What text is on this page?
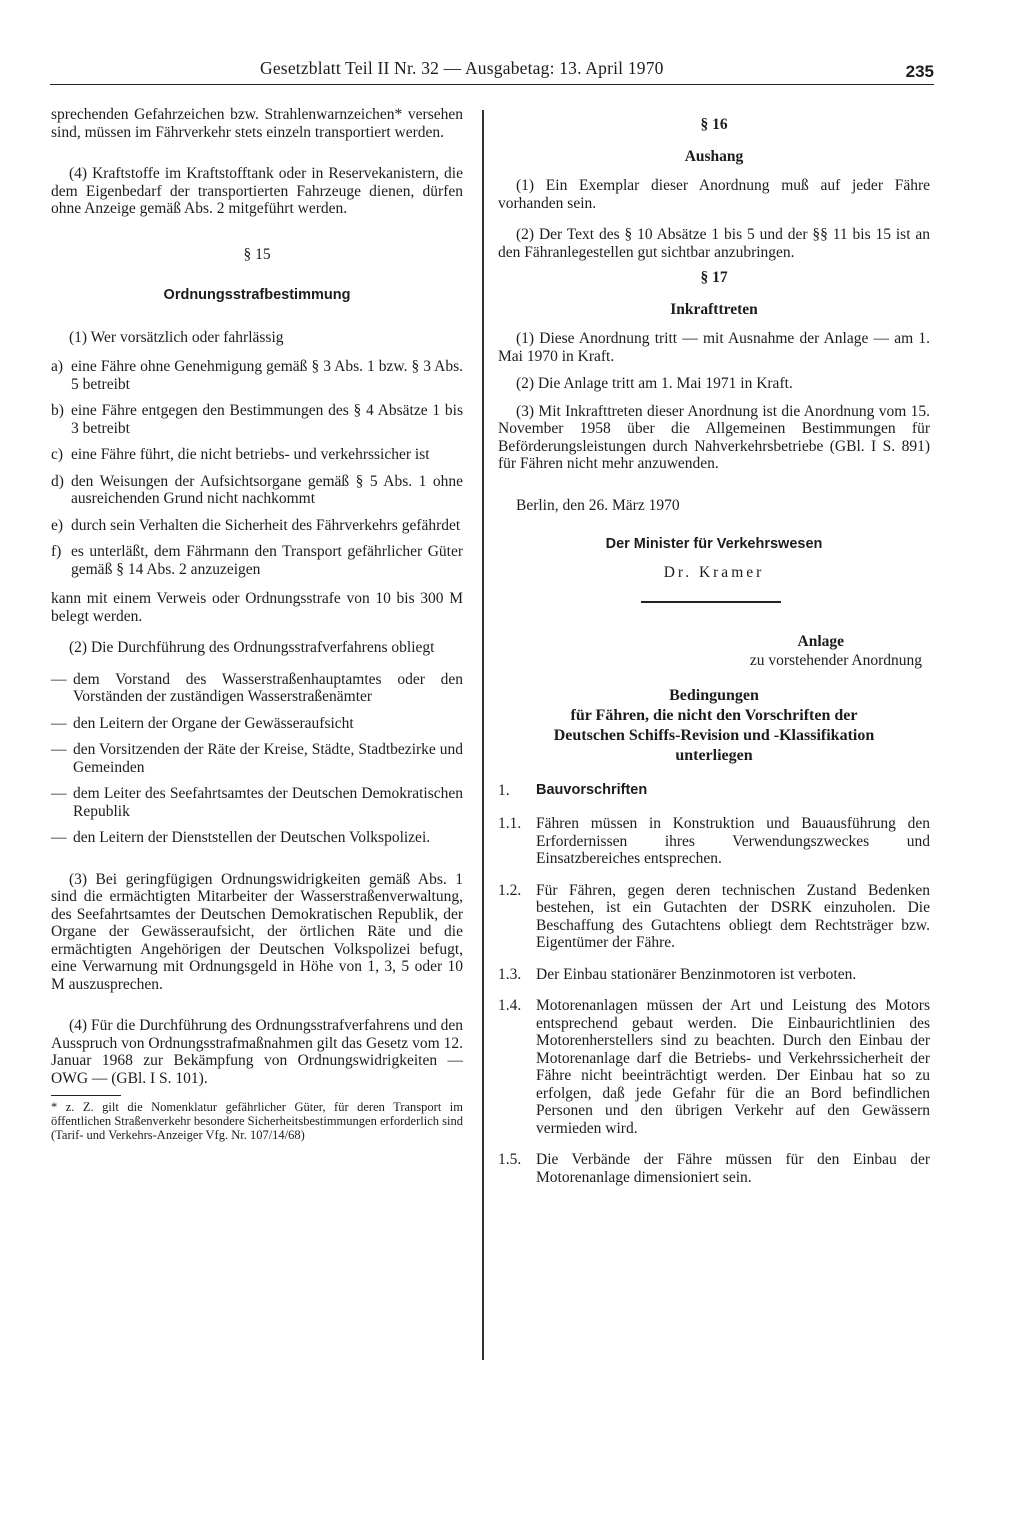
Gesetzblatt Teil II Nr. 32 — Ausgabetag: 13. April 1970	235

sprechenden Gefahrzeichen bzw. Strahlenwarnzeichen* versehen sind, müssen im Fährverkehr stets einzeln transportiert werden.

(4) Kraftstoffe im Kraftstofftank oder in Reservekanistern, die dem Eigenbedarf der transportierten Fahrzeuge dienen, dürfen ohne Anzeige gemäß Abs. 2 mitgeführt werden.

§ 15

Ordnungsstrafbestimmung

(1) Wer vorsätzlich oder fahrlässig

a) eine Fähre ohne Genehmigung gemäß § 3 Abs. 1 bzw. § 3 Abs. 5 betreibt
b) eine Fähre entgegen den Bestimmungen des § 4 Absätze 1 bis 3 betreibt
c) eine Fähre führt, die nicht betriebs- und verkehrssicher ist
d) den Weisungen der Aufsichtsorgane gemäß § 5 Abs. 1 ohne ausreichenden Grund nicht nachkommt
e) durch sein Verhalten die Sicherheit des Fährverkehrs gefährdet
f) es unterläßt, dem Fährmann den Transport gefährlicher Güter gemäß § 14 Abs. 2 anzuzeigen

kann mit einem Verweis oder Ordnungsstrafe von 10 bis 300 M belegt werden.

(2) Die Durchführung des Ordnungsstrafverfahrens obliegt

— dem Vorstand des Wasserstraßenhauptamtes oder den Vorständen der zuständigen Wasserstraßenämter
— den Leitern der Organe der Gewässeraufsicht
— den Vorsitzenden der Räte der Kreise, Städte, Stadtbezirke und Gemeinden
— dem Leiter des Seefahrtsamtes der Deutschen Demokratischen Republik
— den Leitern der Dienststellen der Deutschen Volkspolizei.

(3) Bei geringfügigen Ordnungswidrigkeiten gemäß Abs. 1 sind die ermächtigten Mitarbeiter der Wasserstraßenverwaltung, des Seefahrtsamtes der Deutschen Demokratischen Republik, der Organe der Gewässeraufsicht, der örtlichen Räte und die ermächtigten Angehörigen der Deutschen Volkspolizei befugt, eine Verwarnung mit Ordnungsgeld in Höhe von 1, 3, 5 oder 10 M auszusprechen.

(4) Für die Durchführung des Ordnungsstrafverfahrens und den Ausspruch von Ordnungsstrafmaßnahmen gilt das Gesetz vom 12. Januar 1968 zur Bekämpfung von Ordnungswidrigkeiten — OWG — (GBl. I S. 101).

* z. Z. gilt die Nomenklatur gefährlicher Güter, für deren Transport im öffentlichen Straßenverkehr besondere Sicherheitsbestimmungen erforderlich sind (Tarif- und Verkehrs-Anzeiger Vfg. Nr. 107/14/68)

§ 16

Aushang

(1) Ein Exemplar dieser Anordnung muß auf jeder Fähre vorhanden sein.

(2) Der Text des § 10 Absätze 1 bis 5 und der §§ 11 bis 15 ist an den Fähranlegestellen gut sichtbar anzubringen.

§ 17

Inkrafttreten

(1) Diese Anordnung tritt — mit Ausnahme der Anlage — am 1. Mai 1970 in Kraft.

(2) Die Anlage tritt am 1. Mai 1971 in Kraft.

(3) Mit Inkrafttreten dieser Anordnung ist die Anordnung vom 15. November 1958 über die Allgemeinen Bestimmungen für Beförderungsleistungen durch Nahverkehrsbetriebe (GBl. I S. 891) für Fähren nicht mehr anzuwenden.

Berlin, den 26. März 1970

Der Minister für Verkehrswesen

Dr. Kramer

Anlage

zu vorstehender Anordnung

Bedingungen

für Fähren, die nicht den Vorschriften der

Deutschen Schiffs-Revision und -Klassifikation

unterliegen

1.	Bauvorschriften
1.1. Fähren müssen in Konstruktion und Bauausführung den Erfordernissen ihres Verwendungszweckes und Einsatzbereiches entsprechen.
1.2. Für Fähren, gegen deren technischen Zustand Bedenken bestehen, ist ein Gutachten der DSRK einzuholen. Die Beschaffung des Gutachtens obliegt dem Rechtsträger bzw. Eigentümer der Fähre.
1.3. Der Einbau stationärer Benzinmotoren ist verboten.
1.4. Motorenanlagen müssen der Art und Leistung des Motors entsprechend gebaut werden. Die Einbaurichtlinien des Motorenherstellers sind zu beachten. Durch den Einbau der Motorenanlage darf die Betriebs- und Verkehrssicherheit der Fähre nicht beeinträchtigt werden. Der Einbau hat so zu erfolgen, daß jede Gefahr für die an Bord befindlichen Personen und den übrigen Verkehr auf den Gewässern vermieden wird.
1.5. Die Verbände der Fähre müssen für den Einbau der Motorenanlage dimensioniert sein.
